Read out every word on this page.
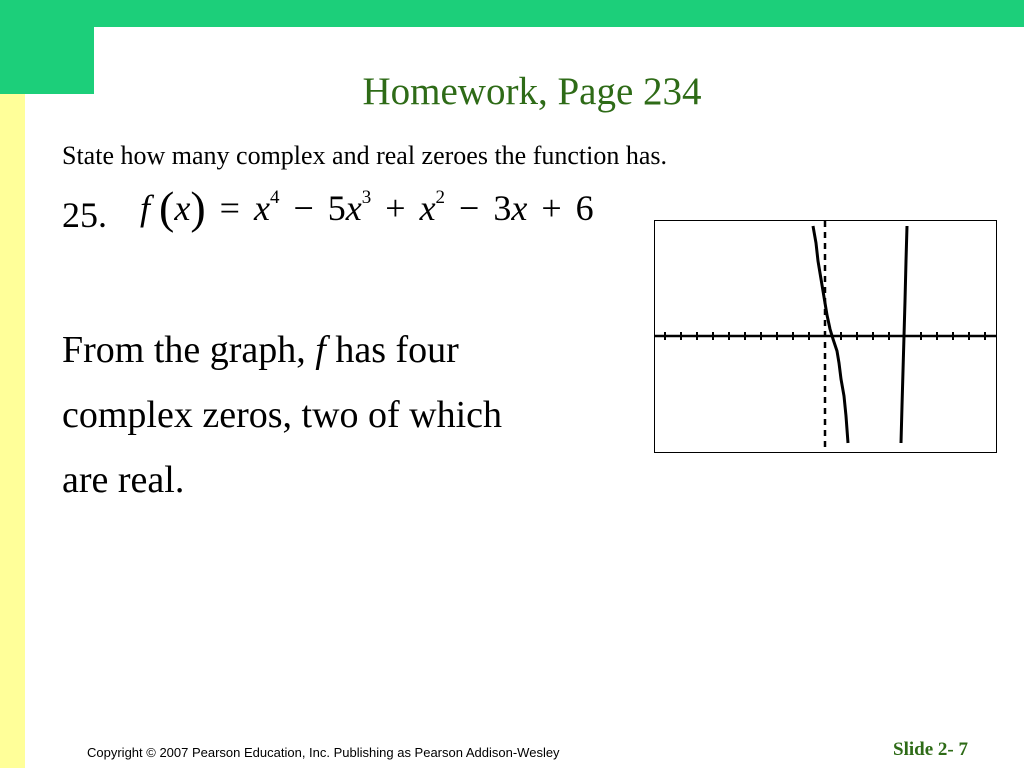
Homework, Page 234
State how many complex and real zeroes the function has.
25. f $(x) = x^4 - 5x^3 + x^2 - 3x + 6$
From the graph, f has four
complex zeros, two of which
are real.
Copyright © 2007 Pearson Education, Inc. Publishing as Pearson Addison-Wesley	Slide 2- 7
